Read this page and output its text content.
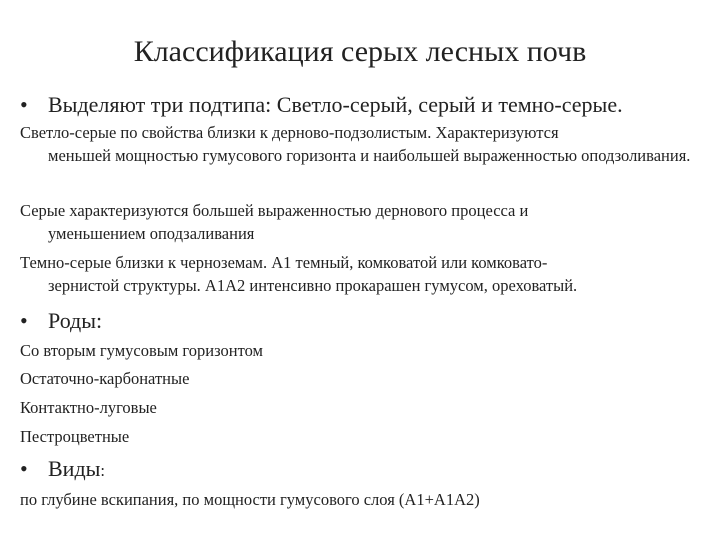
Классификация серых лесных почв
• Выделяют три подтипа: Светло-серый, серый и темно-серые.
Светло-серые по свойства близки к дерново-подзолистым. Характеризуются
меньшей мощностью гумусового горизонта и наибольшей выраженностью оподзоливания.
Серые характеризуются большей выраженностью дернового процесса и
уменьшением оподзаливания
Темно-серые близки к черноземам. А1 темный, комковатой или комковато-
зернистой структуры. А1А2 интенсивно прокарашен гумусом, ореховатый.
• Роды:
Со вторым гумусовым горизонтом
Остаточно-карбонатные
Контактно-луговые
Пестроцветные
• Виды:
по глубине вскипания, по мощности гумусового слоя (А1+А1А2)
